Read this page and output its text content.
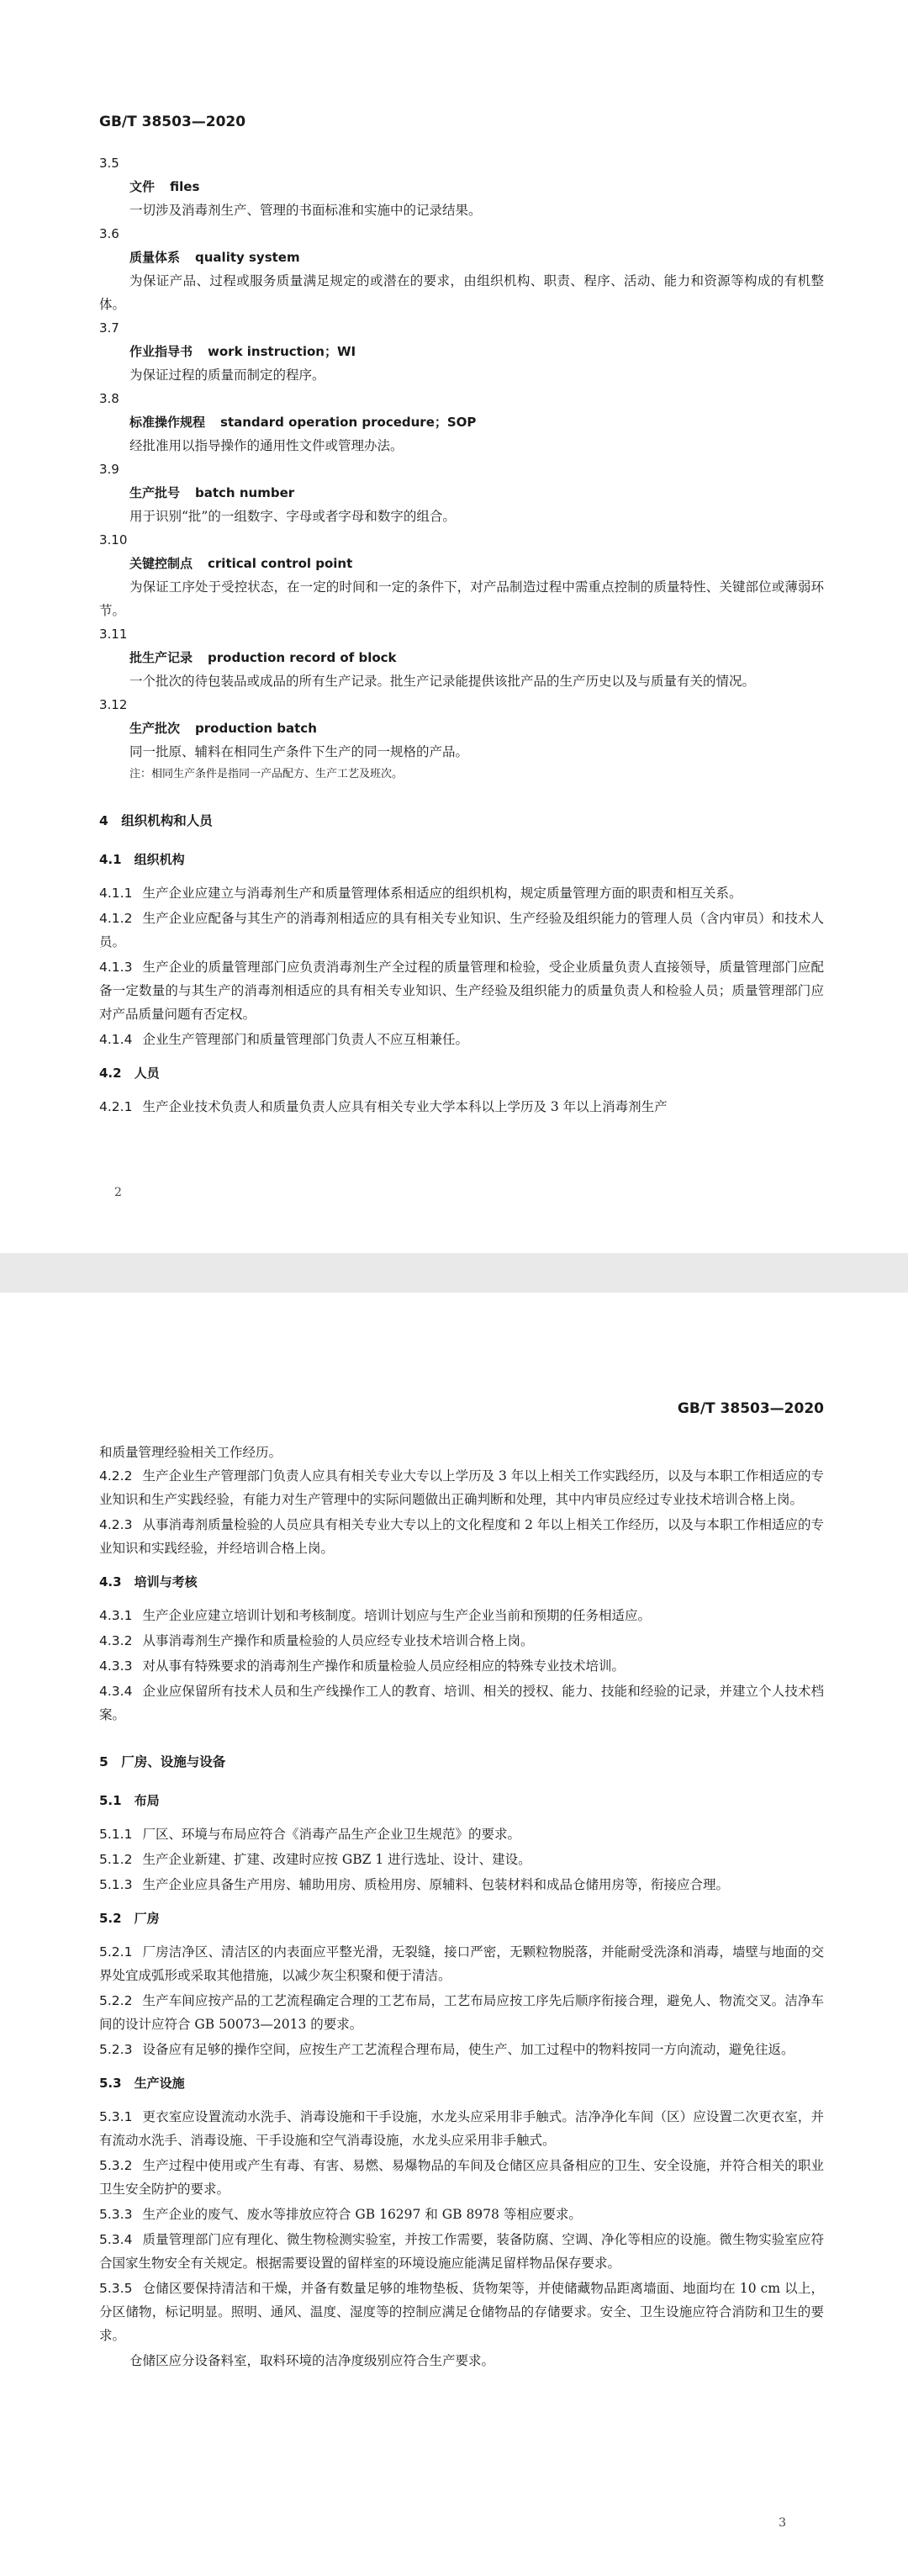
GB/T 38503—2020
3.5
文件 files

一切涉及消毒剂生产、管理的书面标准和实施中的记录结果。

3.6
质量体系 quality system

为保证产品、过程或服务质量满足规定的或潜在的要求，由组织机构、职责、程序、活动、能力和资源等构成的有机整体。

3.7
作业指导书 work instruction；WI

为保证过程的质量而制定的程序。

3.8
标准操作规程 standard operation procedure；SOP

经批准用以指导操作的通用性文件或管理办法。

3.9
生产批号 batch number

用于识别“批”的一组数字、字母或者字母和数字的组合。

3.10
关键控制点 critical control point

为保证工序处于受控状态，在一定的时间和一定的条件下，对产品制造过程中需重点控制的质量特性、关键部位或薄弱环节。

3.11
批生产记录 production record of block

一个批次的待包装品或成品的所有生产记录。批生产记录能提供该批产品的生产历史以及与质量有关的情况。

3.12
生产批次 production batch

同一批原、辅料在相同生产条件下生产的同一规格的产品。

注：相同生产条件是指同一产品配方、生产工艺及班次。

4　组织机构和人员
4.1　组织机构

4.1.1 生产企业应建立与消毒剂生产和质量管理体系相适应的组织机构，规定质量管理方面的职责和相互关系。

4.1.2 生产企业应配备与其生产的消毒剂相适应的具有相关专业知识、生产经验及组织能力的管理人员（含内审员）和技术人员。

4.1.3 生产企业的质量管理部门应负责消毒剂生产全过程的质量管理和检验，受企业质量负责人直接领导，质量管理部门应配备一定数量的与其生产的消毒剂相适应的具有相关专业知识、生产经验及组织能力的质量负责人和检验人员；质量管理部门应对产品质量问题有否定权。

4.1.4 企业生产管理部门和质量管理部门负责人不应互相兼任。

4.2　人员

4.2.1 生产企业技术负责人和质量负责人应具有相关专业大学本科以上学历及 3 年以上消毒剂生产

2
GB/T 38503—2020

和质量管理经验相关工作经历。

4.2.2 生产企业生产管理部门负责人应具有相关专业大专以上学历及 3 年以上相关工作实践经历，以及与本职工作相适应的专业知识和生产实践经验，有能力对生产管理中的实际问题做出正确判断和处理，其中内审员应经过专业技术培训合格上岗。

4.2.3 从事消毒剂质量检验的人员应具有相关专业大专以上的文化程度和 2 年以上相关工作经历，以及与本职工作相适应的专业知识和实践经验，并经培训合格上岗。

4.3　培训与考核

4.3.1 生产企业应建立培训计划和考核制度。培训计划应与生产企业当前和预期的任务相适应。

4.3.2 从事消毒剂生产操作和质量检验的人员应经专业技术培训合格上岗。

4.3.3 对从事有特殊要求的消毒剂生产操作和质量检验人员应经相应的特殊专业技术培训。

4.3.4 企业应保留所有技术人员和生产线操作工人的教育、培训、相关的授权、能力、技能和经验的记录，并建立个人技术档案。

5　厂房、设施与设备
5.1　布局

5.1.1 厂区、环境与布局应符合《消毒产品生产企业卫生规范》的要求。

5.1.2 生产企业新建、扩建、改建时应按 GBZ 1 进行选址、设计、建设。

5.1.3 生产企业应具备生产用房、辅助用房、质检用房、原辅料、包装材料和成品仓储用房等，衔接应合理。

5.2　厂房

5.2.1 厂房洁净区、清洁区的内表面应平整光滑，无裂缝，接口严密，无颗粒物脱落，并能耐受洗涤和消毒，墙壁与地面的交界处宜成弧形或采取其他措施，以减少灰尘积聚和便于清洁。

5.2.2 生产车间应按产品的工艺流程确定合理的工艺布局，工艺布局应按工序先后顺序衔接合理，避免人、物流交叉。洁净车间的设计应符合 GB 50073—2013 的要求。

5.2.3 设备应有足够的操作空间，应按生产工艺流程合理布局，使生产、加工过程中的物料按同一方向流动，避免往返。

5.3　生产设施

5.3.1 更衣室应设置流动水洗手、消毒设施和干手设施，水龙头应采用非手触式。洁净净化车间（区）应设置二次更衣室，并有流动水洗手、消毒设施、干手设施和空气消毒设施，水龙头应采用非手触式。

5.3.2 生产过程中使用或产生有毒、有害、易燃、易爆物品的车间及仓储区应具备相应的卫生、安全设施，并符合相关的职业卫生安全防护的要求。

5.3.3 生产企业的废气、废水等排放应符合 GB 16297 和 GB 8978 等相应要求。

5.3.4 质量管理部门应有理化、微生物检测实验室，并按工作需要，装备防腐、空调、净化等相应的设施。微生物实验室应符合国家生物安全有关规定。根据需要设置的留样室的环境设施应能满足留样物品保存要求。

5.3.5 仓储区要保持清洁和干燥，并备有数量足够的堆物垫板、货物架等，并使储藏物品距离墙面、地面均在 10 cm 以上，分区储物，标记明显。照明、通风、温度、湿度等的控制应满足仓储物品的存储要求。安全、卫生设施应符合消防和卫生的要求。

仓储区应分设备料室，取料环境的洁净度级别应符合生产要求。

3
